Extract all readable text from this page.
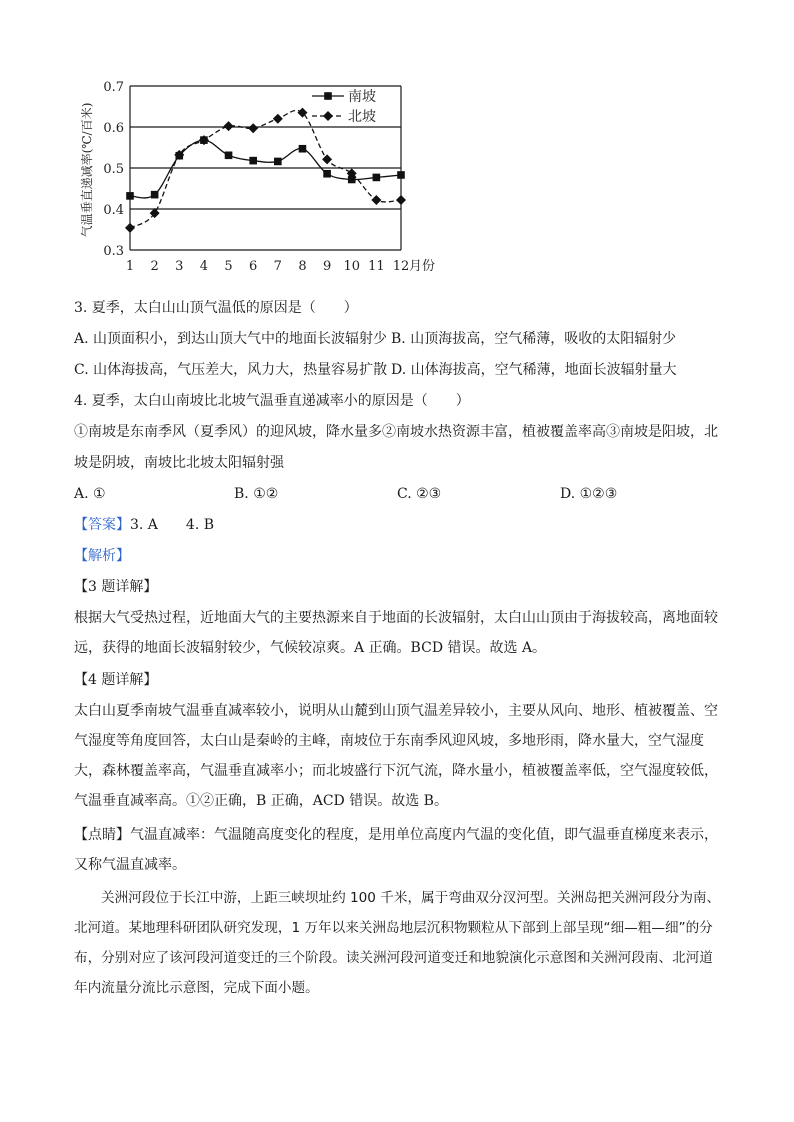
气温垂直递减率(℃/百米)
0.3
0.4
0.5
0.6
0.7
1 2 3 4 5 6 7 8 9 10 11 12 月份
南坡
北坡
3. 夏季，太白山山顶气温低的原因是（　　）
A. 山顶面积小，到达山顶大气中的地面长波辐射少 B. 山顶海拔高，空气稀薄，吸收的太阳辐射少
C. 山体海拔高，气压差大，风力大，热量容易扩散 D. 山体海拔高，空气稀薄，地面长波辐射量大
4. 夏季，太白山南坡比北坡气温垂直递减率小的原因是（　　）
①南坡是东南季风（夏季风）的迎风坡，降水量多②南坡水热资源丰富，植被覆盖率高③南坡是阳坡，北
坡是阴坡，南坡比北坡太阳辐射强
A. ①	B. ①②	C. ②③	D. ①②③
【答案】3. A　　4. B
【解析】
【3 题详解】
根据大气受热过程，近地面大气的主要热源来自于地面的长波辐射，太白山山顶由于海拔较高，离地面较远，获得的地面长波辐射较少，气候较凉爽。A 正确。BCD 错误。故选 A。
【4 题详解】
太白山夏季南坡气温垂直减率较小，说明从山麓到山顶气温差异较小，主要从风向、地形、植被覆盖、空气湿度等角度回答，太白山是秦岭的主峰，南坡位于东南季风迎风坡，多地形雨，降水量大，空气湿度大，森林覆盖率高，气温垂直减率小；而北坡盛行下沉气流，降水量小，植被覆盖率低，空气湿度较低，气温垂直减率高。①②正确，B 正确，ACD 错误。故选 B。
【点睛】气温直减率：气温随高度变化的程度，是用单位高度内气温的变化值，即气温垂直梯度来表示，又称气温直减率。
关洲河段位于长江中游，上距三峡坝址约 100 千米，属于弯曲双分汊河型。关洲岛把关洲河段分为南、北河道。某地理科研团队研究发现，1 万年以来关洲岛地层沉积物颗粒从下部到上部呈现“细—粗—细”的分布，分别对应了该河段河道变迁的三个阶段。读关洲河段河道变迁和地貌演化示意图和关洲河段南、北河道年内流量分流比示意图，完成下面小题。
